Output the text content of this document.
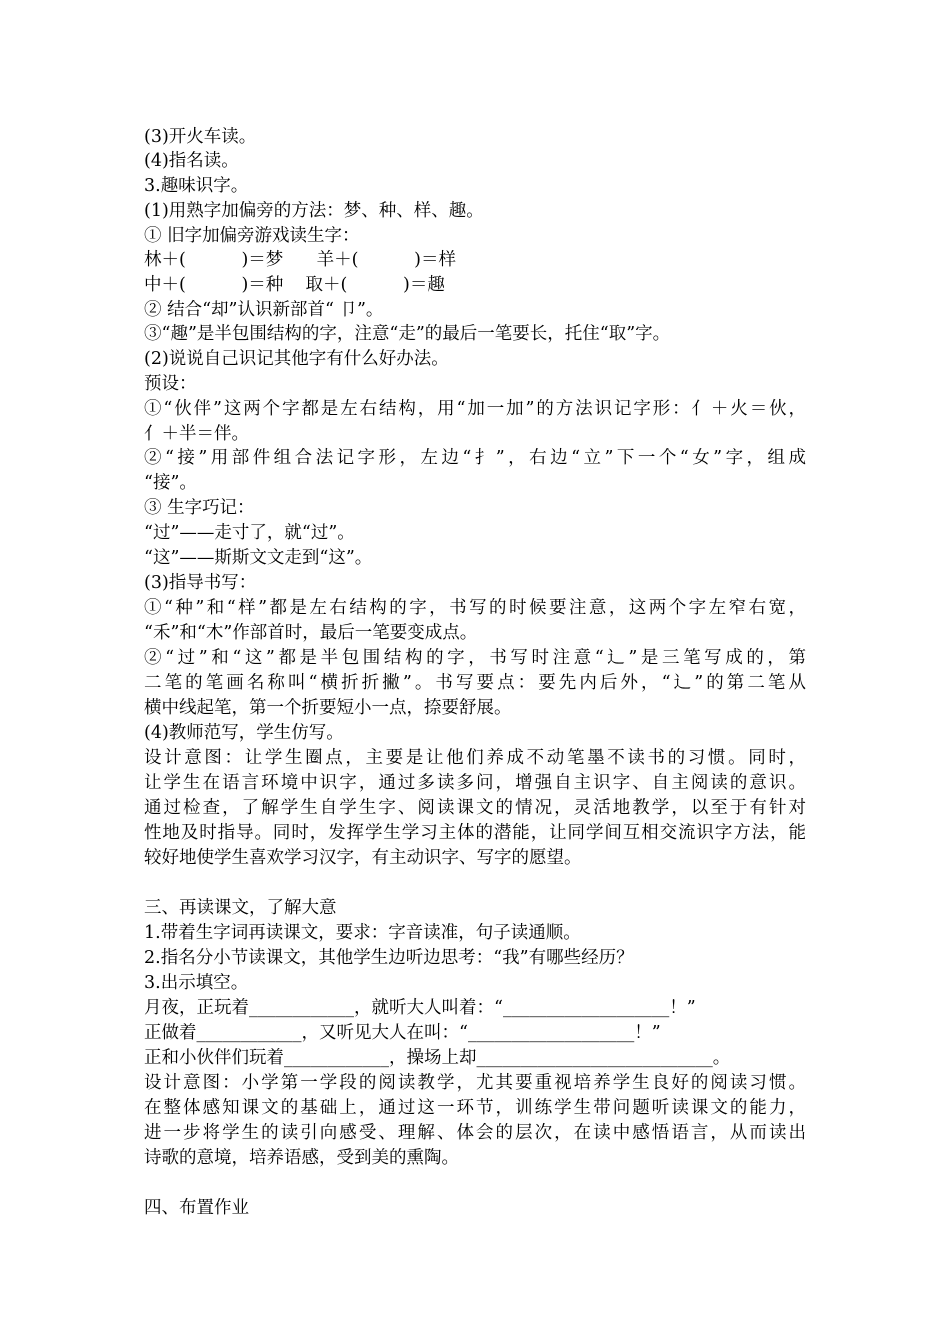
(3)开火车读。
(4)指名读。
3.趣味识字。
(1)用熟字加偏旁的方法：梦、种、样、趣。
① 旧字加偏旁游戏读生字：
林＋(          )＝梦      羊＋(          )＝样
中＋(          )＝种    取＋(          )＝趣
② 结合“却”认识新部首“ 卩”。
③“趣”是半包围结构的字，注意“走”的最后一笔要长，托住“取”字。
(2)说说自己识记其他字有什么好办法。
预设：
①“伙伴”这两个字都是左右结构，用“加一加”的方法识记字形：亻＋火＝伙，
亻＋半＝伴。
②“接”用部件组合法记字形，左边“扌”，右边“立”下一个“女”字，组成
“接”。
③ 生字巧记：
“过”——走寸了，就“过”。
“这”——斯斯文文走到“这”。
(3)指导书写：
①“种”和“样”都是左右结构的字，书写的时候要注意，这两个字左窄右宽，
“禾”和“木”作部首时，最后一笔要变成点。
②“过”和“这”都是半包围结构的字，书写时注意“辶”是三笔写成的，第
二笔的笔画名称叫“横折折撇”。书写要点：要先内后外，“辶”的第二笔从
横中线起笔，第一个折要短小一点，捺要舒展。
(4)教师范写，学生仿写。
设计意图：让学生圈点，主要是让他们养成不动笔墨不读书的习惯。同时，
让学生在语言环境中识字，通过多读多问，增强自主识字、自主阅读的意识。
通过检查，了解学生自学生字、阅读课文的情况，灵活地教学，以至于有针对
性地及时指导。同时，发挥学生学习主体的潜能，让同学间互相交流识字方法，能
较好地使学生喜欢学习汉字，有主动识字、写字的愿望。
三、再读课文，了解大意
1.带着生字词再读课文，要求：字音读准，句子读通顺。
2.指名分小节读课文，其他学生边听边思考：“我”有哪些经历？
3.出示填空。
月夜，正玩着____________，就听大人叫着：“___________________！”
正做着____________，又听见大人在叫：“___________________！”
正和小伙伴们玩着____________，操场上却___________________________。
设计意图：小学第一学段的阅读教学，尤其要重视培养学生良好的阅读习惯。
在整体感知课文的基础上，通过这一环节，训练学生带问题听读课文的能力，
进一步将学生的读引向感受、理解、体会的层次，在读中感悟语言，从而读出
诗歌的意境，培养语感，受到美的熏陶。
四、布置作业
